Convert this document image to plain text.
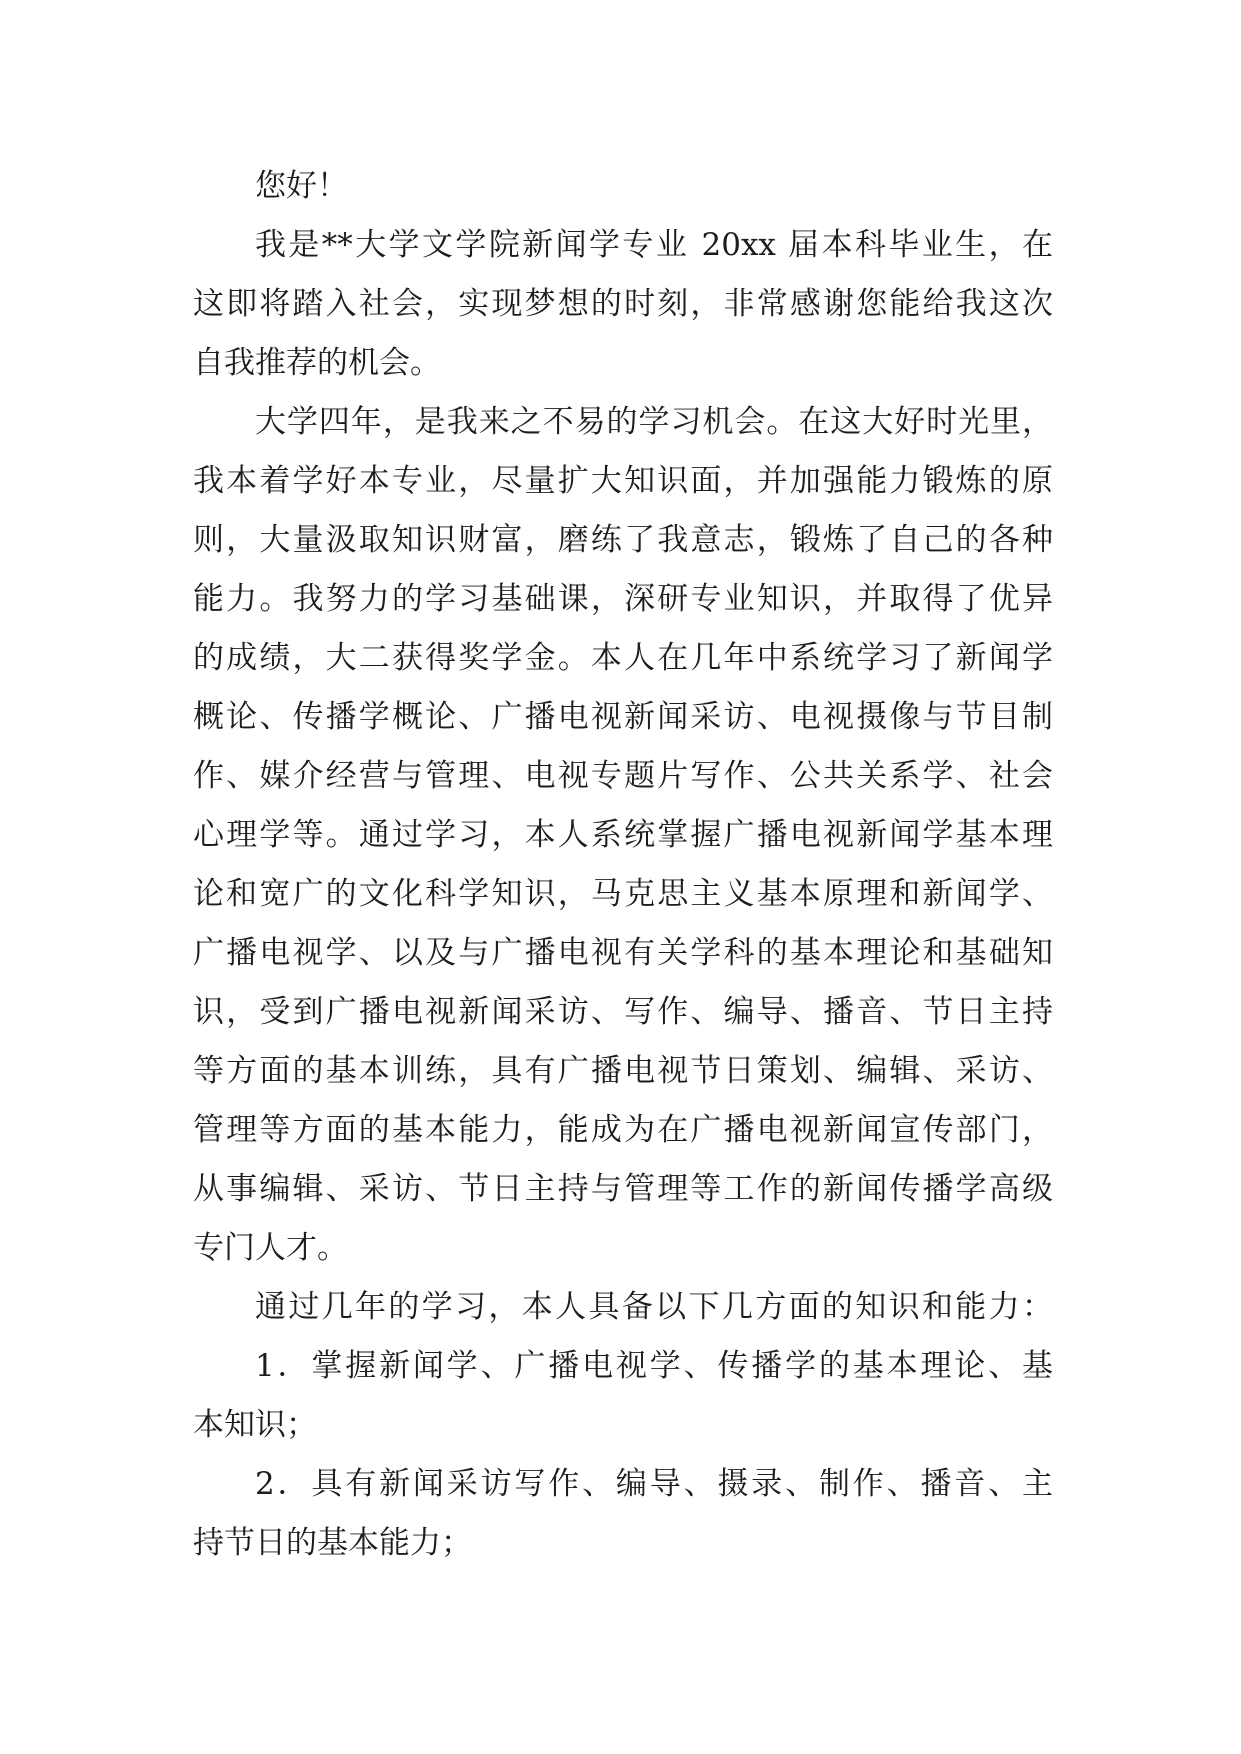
您好！
我是**大学文学院新闻学专业 20xx 届本科毕业生，在
这即将踏入社会，实现梦想的时刻，非常感谢您能给我这次
自我推荐的机会。
大学四年，是我来之不易的学习机会。在这大好时光里，
我本着学好本专业，尽量扩大知识面，并加强能力锻炼的原
则，大量汲取知识财富，磨练了我意志，锻炼了自己的各种
能力。我努力的学习基础课，深研专业知识，并取得了优异
的成绩，大二获得奖学金。本人在几年中系统学习了新闻学
概论、传播学概论、广播电视新闻采访、电视摄像与节目制
作、媒介经营与管理、电视专题片写作、公共关系学、社会
心理学等。通过学习，本人系统掌握广播电视新闻学基本理
论和宽广的文化科学知识，马克思主义基本原理和新闻学、
广播电视学、以及与广播电视有关学科的基本理论和基础知
识，受到广播电视新闻采访、写作、编导、播音、节日主持
等方面的基本训练，具有广播电视节日策划、编辑、采访、
管理等方面的基本能力，能成为在广播电视新闻宣传部门，
从事编辑、采访、节日主持与管理等工作的新闻传播学高级
专门人才。
通过几年的学习，本人具备以下几方面的知识和能力：
1．掌握新闻学、广播电视学、传播学的基本理论、基
本知识；
2．具有新闻采访写作、编导、摄录、制作、播音、主
持节日的基本能力；
